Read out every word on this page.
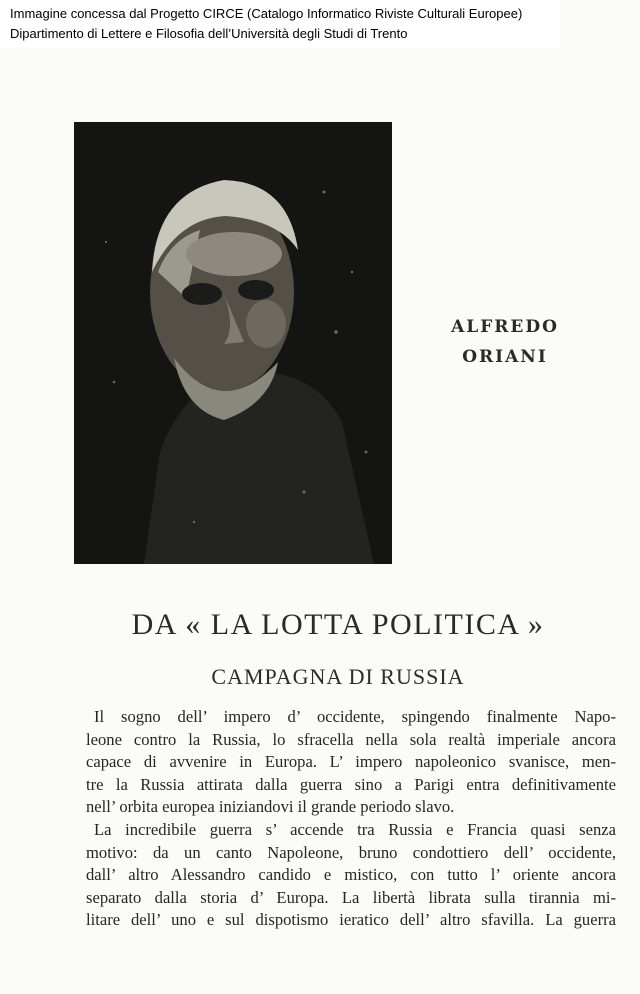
Immagine concessa dal Progetto CIRCE (Catalogo Informatico Riviste Culturali Europee)
Dipartimento di Lettere e Filosofia dell’Università degli Studi di Trento
ALFREDO
ORIANI
DA « LA LOTTA POLITICA »
CAMPAGNA DI RUSSIA
Il sogno dell’ impero d’ occidente, spingendo finalmente Napo-
leone contro la Russia, lo sfracella nella sola realtà imperiale ancora
capace di avvenire in Europa. L’ impero napoleonico svanisce, men-
tre la Russia attirata dalla guerra sino a Parigi entra definitivamente
nell’ orbita europea iniziandovi il grande periodo slavo.
La incredibile guerra s’ accende tra Russia e Francia quasi senza
motivo: da un canto Napoleone, bruno condottiero dell’ occidente,
dall’ altro Alessandro candido e mistico, con tutto l’ oriente ancora
separato dalla storia d’ Europa. La libertà librata sulla tirannia mi-
litare dell’ uno e sul dispotismo ieratico dell’ altro sfavilla. La guerra
